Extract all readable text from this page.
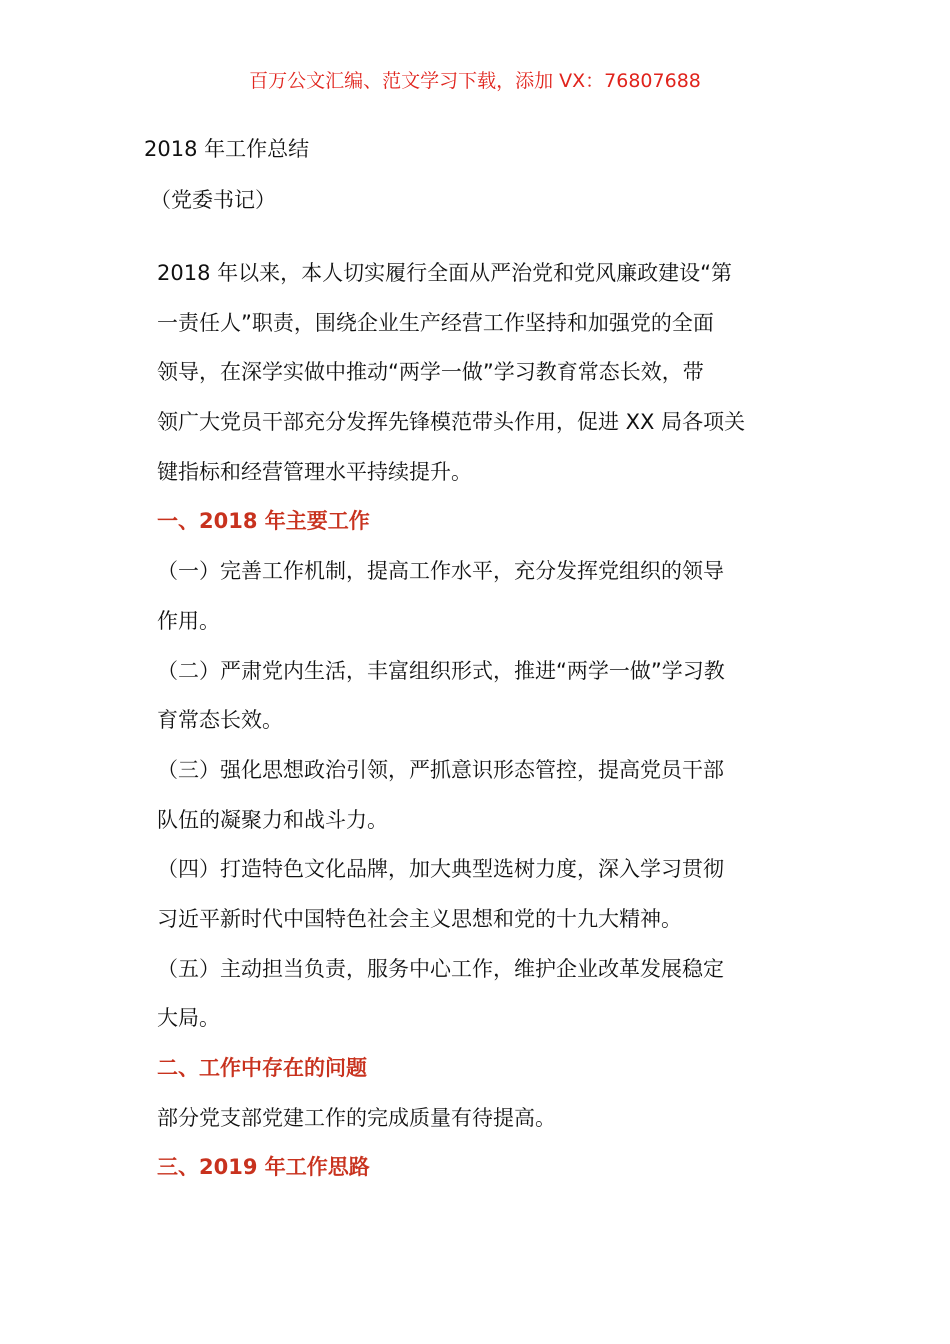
百万公文汇编、范文学习下载，添加 VX：76807688
2018 年工作总结
（党委书记）
2018 年以来，本人切实履行全面从严治党和党风廉政建设“第
一责任人”职责，围绕企业生产经营工作坚持和加强党的全面
领导，在深学实做中推动“两学一做”学习教育常态长效，带
领广大党员干部充分发挥先锋模范带头作用，促进 XX 局各项关
键指标和经营管理水平持续提升。
一、2018 年主要工作
（一）完善工作机制，提高工作水平，充分发挥党组织的领导
作用。
（二）严肃党内生活，丰富组织形式，推进“两学一做”学习教
育常态长效。
（三）强化思想政治引领，严抓意识形态管控，提高党员干部
队伍的凝聚力和战斗力。
（四）打造特色文化品牌，加大典型选树力度，深入学习贯彻
习近平新时代中国特色社会主义思想和党的十九大精神。
（五）主动担当负责，服务中心工作，维护企业改革发展稳定
大局。
二、工作中存在的问题
部分党支部党建工作的完成质量有待提高。
三、2019 年工作思路
